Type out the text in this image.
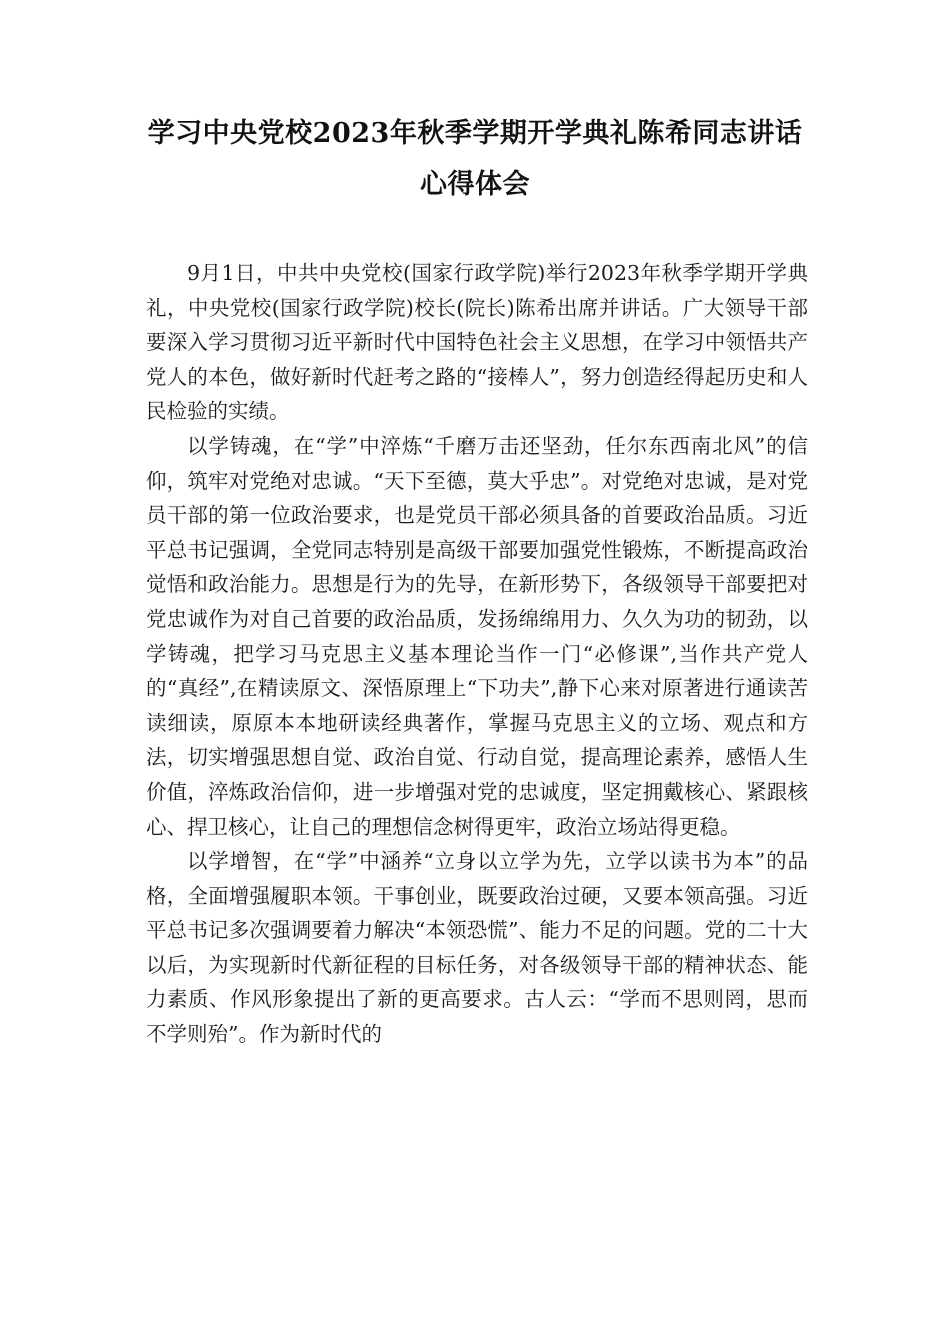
学习中央党校2023年秋季学期开学典礼陈希同志讲话心得体会

9月1日，中共中央党校(国家行政学院)举行2023年秋季学期开学典礼，中央党校(国家行政学院)校长(院长)陈希出席并讲话。广大领导干部要深入学习贯彻习近平新时代中国特色社会主义思想，在学习中领悟共产党人的本色，做好新时代赶考之路的“接棒人”，努力创造经得起历史和人民检验的实绩。

以学铸魂，在“学”中淬炼“千磨万击还坚劲，任尔东西南北风”的信仰，筑牢对党绝对忠诚。“天下至德，莫大乎忠”。对党绝对忠诚，是对党员干部的第一位政治要求，也是党员干部必须具备的首要政治品质。习近平总书记强调，全党同志特别是高级干部要加强党性锻炼，不断提高政治觉悟和政治能力。思想是行为的先导，在新形势下，各级领导干部要把对党忠诚作为对自己首要的政治品质，发扬绵绵用力、久久为功的韧劲，以学铸魂，把学习马克思主义基本理论当作一门“必修课”,当作共产党人的“真经”,在精读原文、深悟原理上“下功夫”,静下心来对原著进行通读苦读细读，原原本本地研读经典著作，掌握马克思主义的立场、观点和方法，切实增强思想自觉、政治自觉、行动自觉，提高理论素养，感悟人生价值，淬炼政治信仰，进一步增强对党的忠诚度，坚定拥戴核心、紧跟核心、捍卫核心，让自己的理想信念树得更牢，政治立场站得更稳。

以学增智，在“学”中涵养“立身以立学为先，立学以读书为本”的品格，全面增强履职本领。干事创业，既要政治过硬，又要本领高强。习近平总书记多次强调要着力解决“本领恐慌”、能力不足的问题。党的二十大以后，为实现新时代新征程的目标任务，对各级领导干部的精神状态、能力素质、作风形象提出了新的更高要求。古人云：“学而不思则罔，思而不学则殆”。作为新时代的
